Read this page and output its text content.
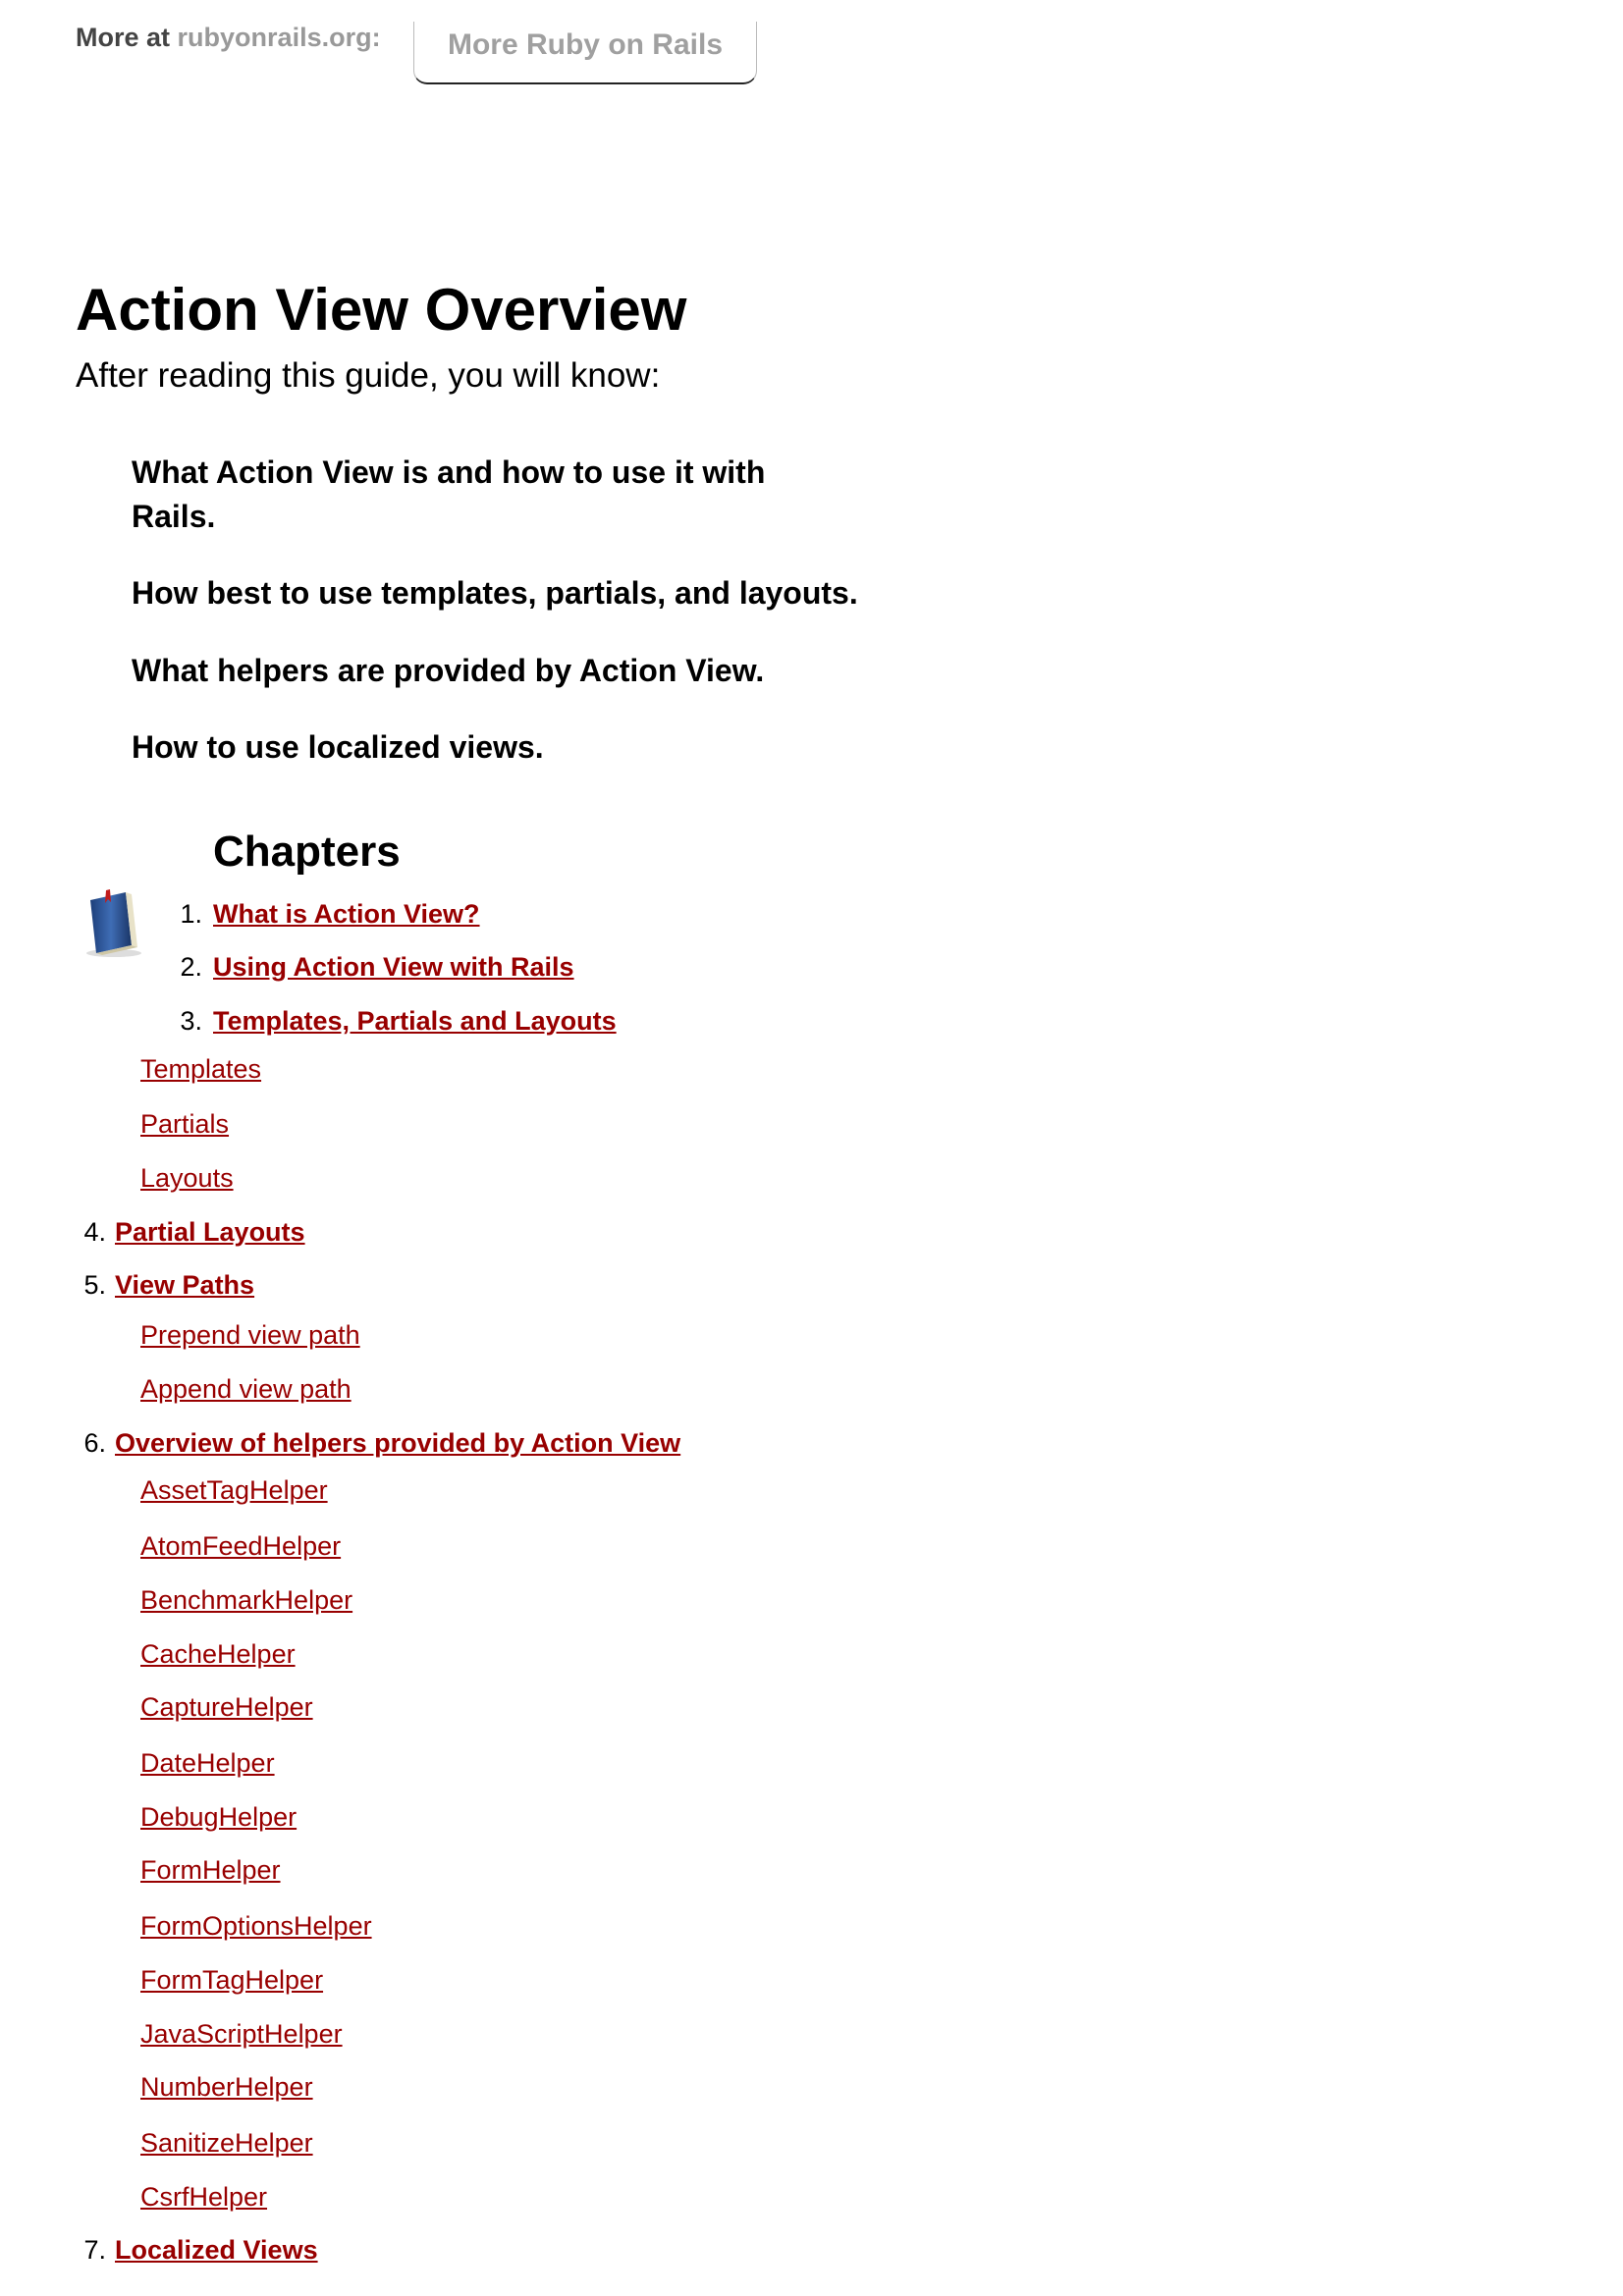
More at rubyonrails.org:	More Ruby on Rails
Action View Overview
After reading this guide, you will know:
What Action View is and how to use it with
Rails.
How best to use templates, partials, and layouts.
What helpers are provided by Action View.
How to use localized views.
Chapters
1. What is Action View?
2. Using Action View with Rails
3. Templates, Partials and Layouts
Templates
Partials
Layouts
4. Partial Layouts
5. View Paths
Prepend view path
Append view path
6. Overview of helpers provided by Action View
AssetTagHelper
AtomFeedHelper
BenchmarkHelper
CacheHelper
CaptureHelper
DateHelper
DebugHelper
FormHelper
FormOptionsHelper
FormTagHelper
JavaScriptHelper
NumberHelper
SanitizeHelper
CsrfHelper
7. Localized Views
